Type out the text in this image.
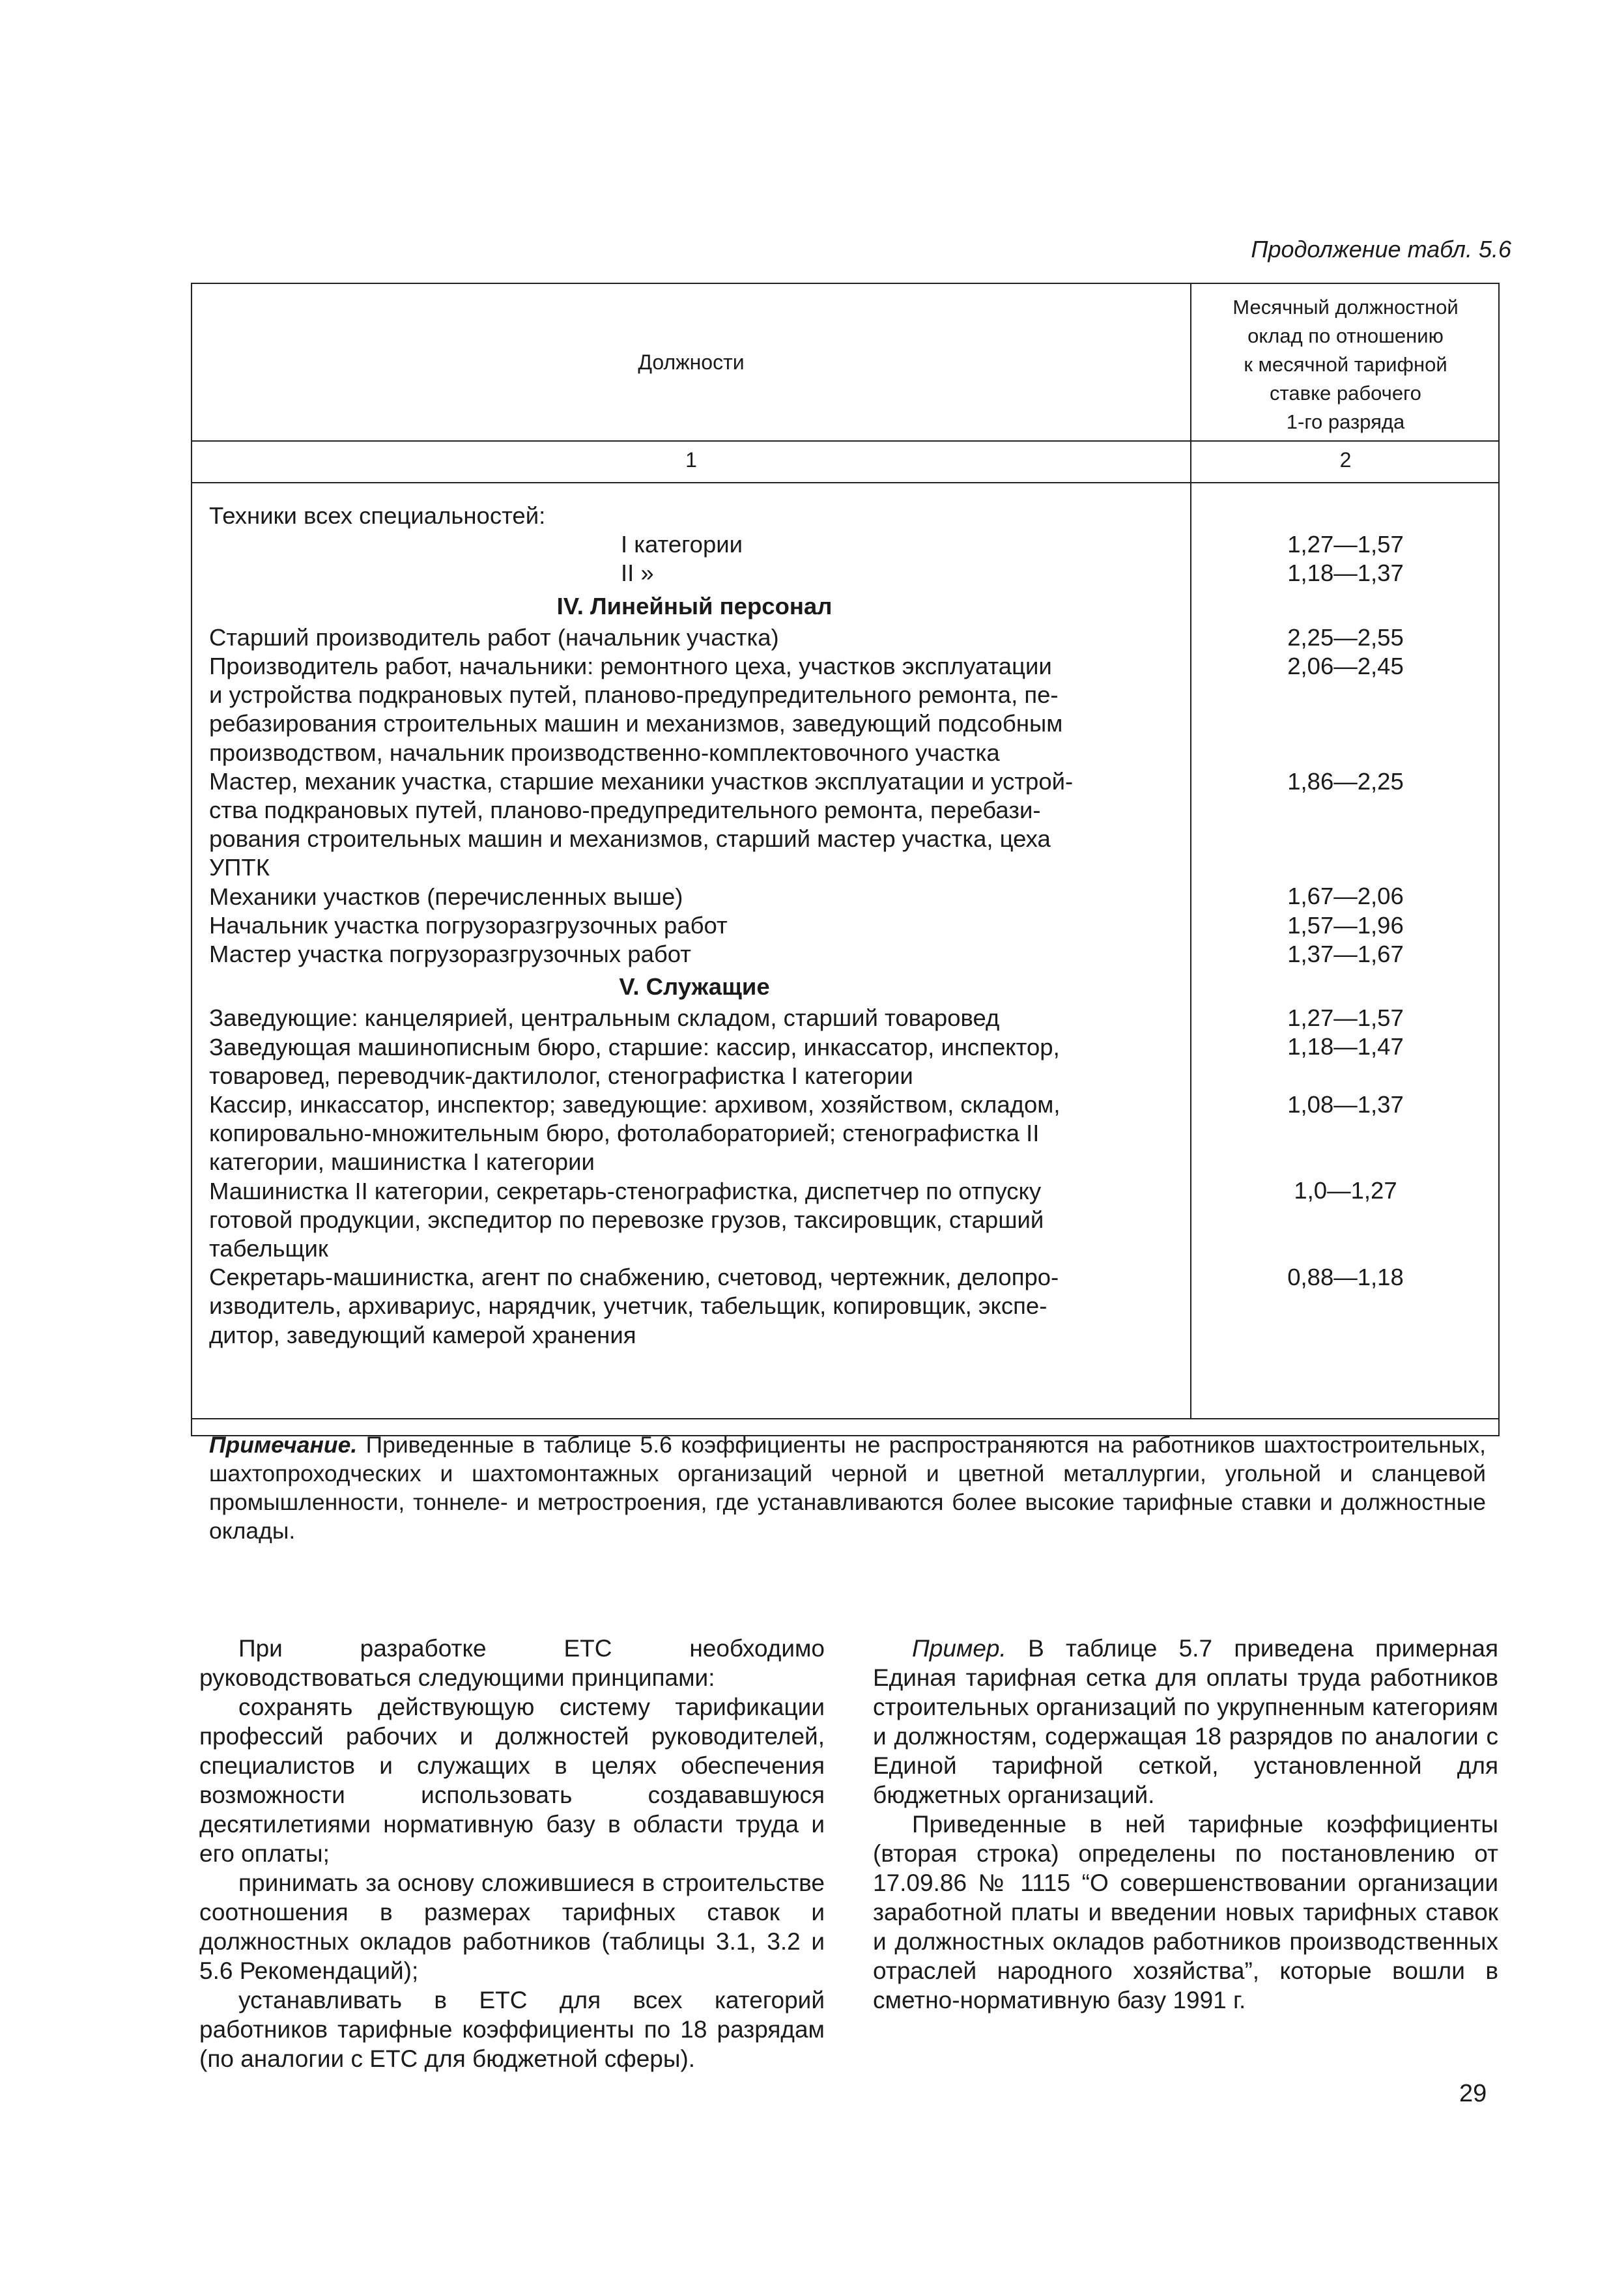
Продолжение табл. 5.6
Должности
Месячный должностной
оклад по отношению
к месячной тарифной
ставке рабочего
1-го разряда
1	2

Техники всех специальностей:

I категории

II »

IV. Линейный персонал

Старший производитель работ (начальник участка)

Производитель работ, начальники: ремонтного цеха, участков эксплуатации

и устройства подкрановых путей, планово-предупредительного ремонта, пе-

ребазирования строительных машин и механизмов, заведующий подсобным

производством, начальник производственно-комплектовочного участка

Мастер, механик участка, старшие механики участков эксплуатации и устрой-

ства подкрановых путей, планово-предупредительного ремонта, перебази-

рования строительных машин и механизмов, старший мастер участка, цеха

УПТК

Механики участков (перечисленных выше)

Начальник участка погрузоразгрузочных работ

Мастер участка погрузоразгрузочных работ

V. Служащие

Заведующие: канцелярией, центральным складом, старший товаровед

Заведующая машинописным бюро, старшие: кассир, инкассатор, инспектор,

товаровед, переводчик-дактилолог, стенографистка I категории

Кассир, инкассатор, инспектор; заведующие: архивом, хозяйством, складом,

копировально-множительным бюро, фотолабораторией; стенографистка II

категории, машинистка I категории

Машинистка II категории, секретарь-стенографистка, диспетчер по отпуску

готовой продукции, экспедитор по перевозке грузов, таксировщик, старший

табельщик

Секретарь-машинистка, агент по снабжению, счетовод, чертежник, делопро-

изводитель, архивариус, нарядчик, учетчик, табельщик, копировщик, экспе-

дитор, заведующий камерой хранения

1,27—1,57

1,18—1,37

2,25—2,55

2,06—2,45

1,86—2,25

1,67—2,06

1,57—1,96

1,37—1,67

1,27—1,57

1,18—1,47

1,08—1,37

1,0—1,27

0,88—1,18

Примечание. Приведенные в таблице 5.6 коэффициенты не распространяются на работников шахтостроительных, шахтопроходческих и шахтомонтажных организаций черной и цветной металлургии, угольной и сланцевой промышленности, тоннеле- и метростроения, где устанавливаются более высокие тарифные ставки и должностные оклады.

При разработке ЕТС необходимо руководствоваться следующими принципами:

сохранять действующую систему тарификации профессий рабочих и должностей руководителей, специалистов и служащих в целях обеспечения возможности использовать создававшуюся десятилетиями нормативную базу в области труда и его оплаты;

принимать за основу сложившиеся в строительстве соотношения в размерах тарифных ставок и должностных окладов работников (таблицы 3.1, 3.2 и 5.6 Рекомендаций);

устанавливать в ЕТС для всех категорий работников тарифные коэффициенты по 18 разрядам (по аналогии с ЕТС для бюджетной сферы).

Пример. В таблице 5.7 приведена примерная Единая тарифная сетка для оплаты труда работников строительных организаций по укрупненным категориям и должностям, содержащая 18 разрядов по аналогии с Единой тарифной сеткой, установленной для бюджетных организаций.

Приведенные в ней тарифные коэффициенты (вторая строка) определены по постановлению от 17.09.86 № 1115 “О совершенствовании организации заработной платы и введении новых тарифных ставок и должностных окладов работников производственных отраслей народного хозяйства”, которые вошли в сметно-нормативную базу 1991 г.

29
